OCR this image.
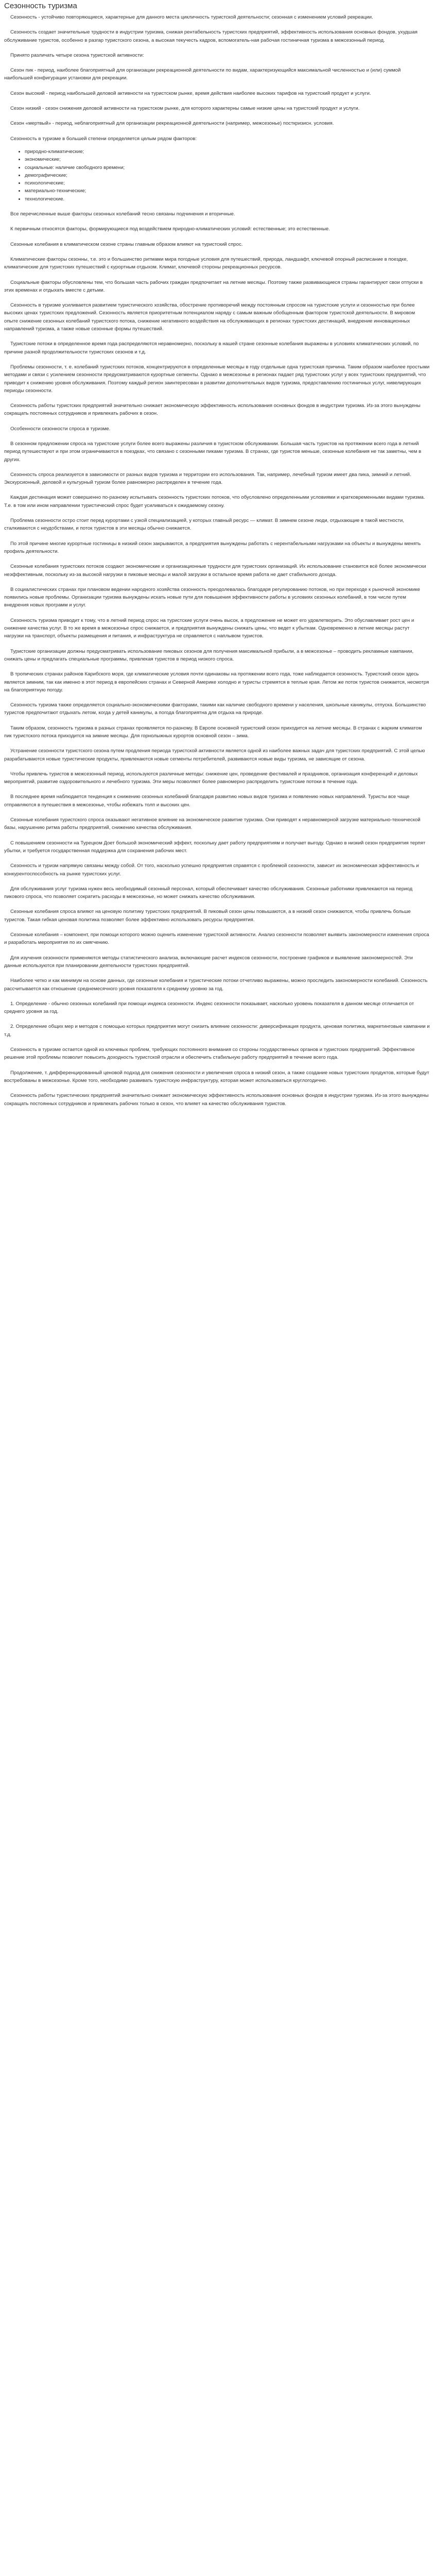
Сезонность туризма

Сезонность - устойчиво повторяющиеся, характерные для данного места цикличность туристской деятельности; сезонная с изменением условий рекреации.

Сезонность создает значительные трудности в индустрии туризма, снижая рентабельность туристских предприятий, эффективность использования основных фондов, ухудшая обслуживание туристов, особенно в разгар туристского сезона, а высокая текучесть кадров, вспомогатель-ная рабочая гостиничная туризма в межсезонный период.

Принято различать четыре сезона туристской активности:

Сезон пик - период, наиболее благоприятный для организации рекреационной деятельности по видам, характеризующийся максимальной численностью и (или) суммой наибольшей конфигурации установки для рекреации.

Сезон высокий - период наибольшей деловой активности на туристском рынке, время действия наиболее высоких тарифов на туристский продукт и услуги.

Сезон низкий - сезон снижения деловой активности на туристском рынке, для которого характерны самые низкие цены на туристский продукт и услуги.

Сезон «мертвый» - период, неблагоприятный для организации рекреационной деятельности (например, межсезонье) посткризисн. условия.

Сезонность в туризме в большей степени определяется целым рядом факторов:

• природно-климатические;
• экономические;
• социальные: наличие свободного времени;
• демографические;
• психологические;
• материально-технические;
• технологические.

Все перечисленные выше факторы сезонных колебаний тесно связаны подчинения и вторичные.

К первичным относятся факторы, формирующиеся под воздействием природно-климатических условий: естественные; это естественные.

Сезонные колебания в климатическом сезоне страны главным образом влияют на туристский спрос.

Климатические факторы сезонны, т.е. это и большинство ритмами мира погодные условия для путешествий, природа, ландшафт, ключевой опорный расписание в поездке, климатические для туристских путешествий с курортным отдыхом. Климат, ключевой стороны рекреационных ресурсов.

Социальные факторы обусловлены тем, что большая часть рабочих граждан предпочитает на летние месяцы. Поэтому также развивающиеся страны гарантируют свои отпуски в этих временах и отдыхать вместе с детьми.

Сезонность в туризме усиливается развитием туристического хозяйства, обострение противоречий между постоянным спросом на туристские услуги и сезонностью при более высоких ценах туристских предложений. Сезонность является приоритетным потенциалом наряду с самым важным обобщенным фактором туристской деятельности. В мировом опыте снижение сезонных колебаний туристского потока, снижение негативного воздействия на обслуживающих в регионах туристских дестинаций, внедрение инновационных направлений туризма, а также новые сезонные формы путешествий.

Туристские потоки в определенное время года распределяются неравномерно, поскольку в нашей стране сезонные колебания выражены в условиях климатических условий, по причине разной продолжительности туристских сезонов и т.д.

Проблемы сезонности, т. е. колебаний туристских потоков, концентрируются в определенные месяцы в году отдельные одна туристская причина. Таким образом наиболее простыми методами и связи с усилением сезонности предусматриваются курортные сегменты. Однако в межсезонье в регионах падает ряд туристских услуг у всех туристских предприятий, что приводит к снижению уровня обслуживания. Поэтому каждый регион заинтересован в развитии дополнительных видов туризма, предоставлению гостиничных услуг, нивелирующих периоды сезонности.

Сезонность работы туристских предприятий значительно снижает экономическую эффективность использования основных фондов в индустрии туризма. Из-за этого вынуждены сокращать постоянных сотрудников и привлекать рабочих в сезон.

Особенности сезонности спроса в туризме.

В сезонном предложении спроса на туристские услуги более всего выражены различия в туристском обслуживании. Большая часть туристов на протяжении всего года в летний период путешествуют и при этом ограничиваются в поездках, что связано с сезонными пиками туризма. В странах, где туристов меньше, сезонные колебания не так заметны, чем в других.

Сезонность спроса реализуется в зависимости от разных видов туризма и территории его использования. Так, например, лечебный туризм имеет два пика, зимний и летний. Экскурсионный, деловой и культурный туризм более равномерно распределен в течение года.

Каждая дестинация может совершенно по-разному испытывать сезонность туристских потоков, что обусловлено определенными условиями и кратковременными видами туризма. Т.е. в том или ином направлении туристический спрос будет усиливаться к ожидаемому сезону.

Проблема сезонности остро стоит перед курортами с узкой специализацией, у которых главный ресурс — климат. В зимнем сезоне люди, отдыхающие в такой местности, сталкиваются с неудобствами, и поток туристов в эти месяцы обычно снижается.

По этой причине многие курортные гостиницы в низкий сезон закрываются, а предприятия вынуждены работать с нерентабельными нагрузками на объекты и вынуждены менять профиль деятельности.

Сезонные колебания туристских потоков создают экономические и организационные трудности для туристских организаций. Их использование становится всё более экономически неэффективным, поскольку из-за высокой нагрузки в пиковые месяцы и малой загрузки в остальное время работа не дает стабильного дохода.

В социалистических странах при плановом ведении народного хозяйства сезонность преодолевалась благодаря регулированию потоков, но при переходе к рыночной экономике появились новые проблемы. Организации туризма вынуждены искать новые пути для повышения эффективности работы в условиях сезонных колебаний, в том числе путем внедрения новых программ и услуг.

Сезонность туризма приводит к тому, что в летний период спрос на туристские услуги очень высок, а предложение не может его удовлетворить. Это обуславливает рост цен и снижение качества услуг. В то же время в межсезонье спрос снижается, и предприятия вынуждены снижать цены, что ведет к убыткам. Одновременно в летние месяцы растут нагрузки на транспорт, объекты размещения и питания, и инфраструктура не справляется с наплывом туристов.

Туристские организации должны предусматривать использование пиковых сезонов для получения максимальной прибыли, а в межсезонье – проводить рекламные кампании, снижать цены и предлагать специальные программы, привлекая туристов в период низкого спроса.

В тропических странах районов Карибского моря, где климатические условия почти одинаковы на протяжении всего года, тоже наблюдается сезонность. Туристский сезон здесь является зимним, так как именно в этот период в европейских странах и Северной Америке холодно и туристы стремятся в теплые края. Летом же поток туристов снижается, несмотря на благоприятную погоду.

Сезонность туризма также определяется социально-экономическими факторами, такими как наличие свободного времени у населения, школьные каникулы, отпуска. Большинство туристов предпочитают отдыхать летом, когда у детей каникулы, а погода благоприятна для отдыха на природе.

Таким образом, сезонность туризма в разных странах проявляется по-разному. В Европе основной туристский сезон приходится на летние месяцы. В странах с жарким климатом пик туристского потока приходится на зимние месяцы. Для горнолыжных курортов основной сезон – зима.

Устранение сезонности туристского сезона путем продления периода туристской активности является одной из наиболее важных задач для туристских предприятий. С этой целью разрабатываются новые туристические продукты, привлекаются новые сегменты потребителей, развиваются новые виды туризма, не зависящие от сезона.

Чтобы привлечь туристов в межсезонный период, используются различные методы: снижение цен, проведение фестивалей и праздников, организация конференций и деловых мероприятий, развитие оздоровительного и лечебного туризма. Эти меры позволяют более равномерно распределить туристские потоки в течение года.

В последнее время наблюдается тенденция к снижению сезонных колебаний благодаря развитию новых видов туризма и появлению новых направлений. Туристы все чаще отправляются в путешествия в межсезонье, чтобы избежать толп и высоких цен.

Сезонные колебания туристского спроса оказывают негативное влияние на экономическое развитие туризма. Они приводят к неравномерной загрузке материально-технической базы, нарушению ритма работы предприятий, снижению качества обслуживания.

С повышением сезонности на Турецком Доет большой экономический эффект, поскольку дает работу предприятиям и получает выгоду. Однако в низкий сезон предприятия терпят убытки, и требуется государственная поддержка для сохранения рабочих мест.

Сезонность и туризм напрямую связаны между собой. От того, насколько успешно предприятия справятся с проблемой сезонности, зависит их экономическая эффективность и конкурентоспособность на рынке туристских услуг.

Для обслуживания услуг туризма нужен весь необходимый сезонный персонал, который обеспечивает качество обслуживания. Сезонные работники привлекаются на период пикового спроса, что позволяет сократить расходы в межсезонье, но может снижать качество обслуживания.

Сезонные колебания спроса влияют на ценовую политику туристских предприятий. В пиковый сезон цены повышаются, а в низкий сезон снижаются, чтобы привлечь больше туристов. Такая гибкая ценовая политика позволяет более эффективно использовать ресурсы предприятия.

Сезонные колебания – компонент, при помощи которого можно оценить изменение туристской активности. Анализ сезонности позволяет выявить закономерности изменения спроса и разработать мероприятия по их смягчению.

Для изучения сезонности применяются методы статистического анализа, включающие расчет индексов сезонности, построение графиков и выявление закономерностей. Эти данные используются при планировании деятельности туристских предприятий.

Наиболее четко и как минимум на основе данных, где сезонные колебания и туристические потоки отчетливо выражены, можно проследить закономерности колебаний. Сезонность рассчитывается как отношение среднемесячного уровня показателя к среднему уровню за год.

1. Определение - обычно сезонных колебаний при помощи индекса сезонности. Индекс сезонности показывает, насколько уровень показателя в данном месяце отличается от среднего уровня за год.

2. Определение общих мер и методов с помощью которых предприятия могут снизить влияние сезонности: диверсификация продукта, ценовая политика, маркетинговые кампании и т.д.

Сезонность в туризме остается одной из ключевых проблем, требующих постоянного внимания со стороны государственных органов и туристских предприятий. Эффективное решение этой проблемы позволит повысить доходность туристской отрасли и обеспечить стабильную работу предприятий в течение всего года.

Продолжение, т. дифференцированный ценовой подход для снижения сезонности и увеличения спроса в низкий сезон, а также создание новых туристских продуктов, которые будут востребованы в межсезонье. Кроме того, необходимо развивать туристскую инфраструктуру, которая может использоваться круглогодично.

Сезонность работы туристических предприятий значительно снижает экономическую эффективность использования основных фондов в индустрии туризма. Из-за этого вынуждены сокращать постоянных сотрудников и привлекать рабочих только в сезон, что влияет на качество обслуживания туристов.
